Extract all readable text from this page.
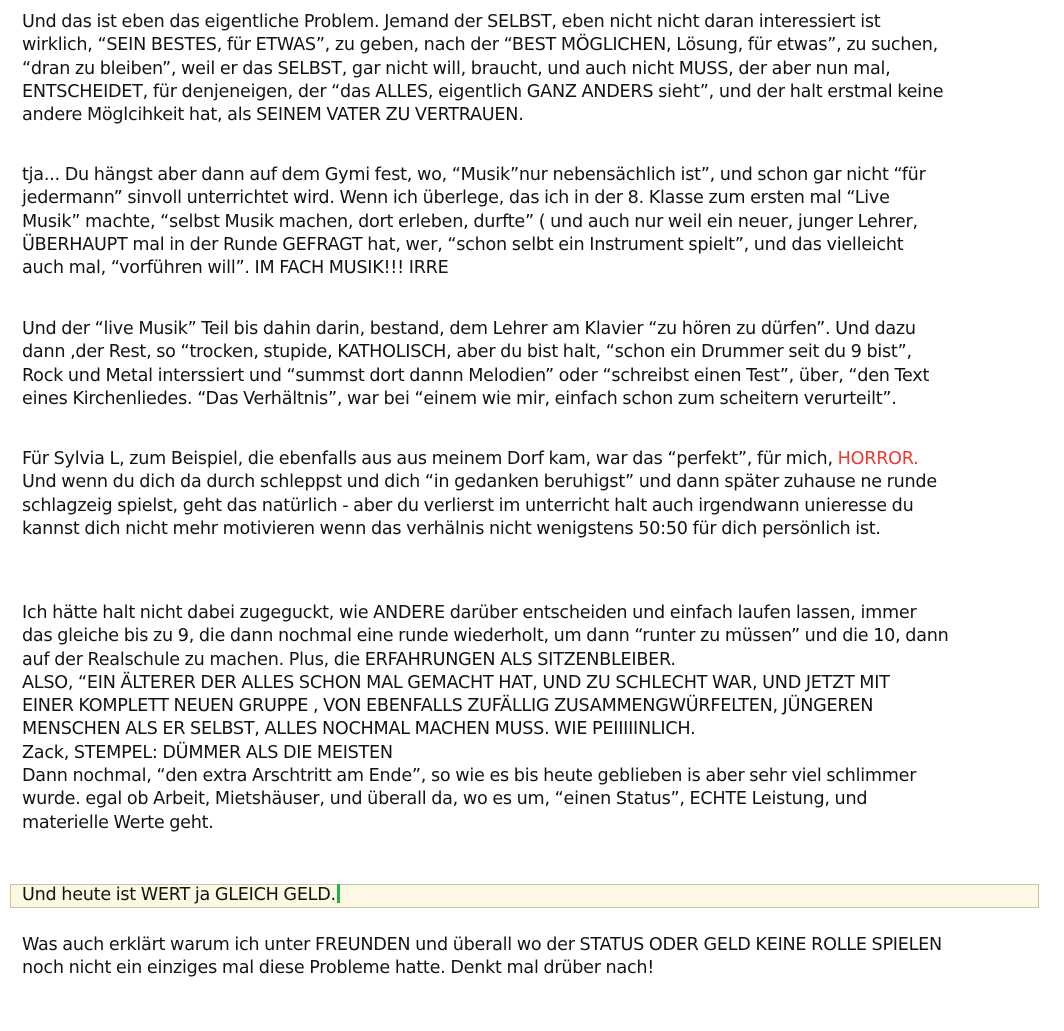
Und das ist eben das eigentliche Problem. Jemand der SELBST, eben nicht nicht daran interessiert ist
wirklich, “SEIN BESTES, für ETWAS”, zu geben, nach der “BEST MÖGLICHEN, Lösung, für etwas”, zu suchen,
“dran zu bleiben”, weil er das SELBST, gar nicht will, braucht, und auch nicht MUSS, der aber nun mal,
ENTSCHEIDET, für denjeneigen, der “das ALLES, eigentlich GANZ ANDERS sieht”, und der halt erstmal keine
andere Möglcihkeit hat, als SEINEM VATER ZU VERTRAUEN.
tja... Du hängst aber dann auf dem Gymi fest, wo, “Musik”nur nebensächlich ist”, und schon gar nicht “für
jedermann” sinvoll unterrichtet wird. Wenn ich überlege, das ich in der 8. Klasse zum ersten mal “Live
Musik” machte, “selbst Musik machen, dort erleben, durfte” ( und auch nur weil ein neuer, junger Lehrer,
ÜBERHAUPT mal in der Runde GEFRAGT hat, wer, “schon selbt ein Instrument spielt”, und das vielleicht
auch mal, “vorführen will”. IM FACH MUSIK!!! IRRE
Und der “live Musik” Teil bis dahin darin, bestand, dem Lehrer am Klavier “zu hören zu dürfen”. Und dazu
dann ,der Rest, so “trocken, stupide, KATHOLISCH, aber du bist halt, “schon ein Drummer seit du 9 bist”,
Rock und Metal interssiert und “summst dort dannn Melodien” oder “schreibst einen Test”, über, “den Text
eines Kirchenliedes. “Das Verhältnis”, war bei “einem wie mir, einfach schon zum scheitern verurteilt”.
Für Sylvia L, zum Beispiel, die ebenfalls aus aus meinem Dorf kam, war das “perfekt”, für mich, HORROR.
Und wenn du dich da durch schleppst und dich “in gedanken beruhigst” und dann später zuhause ne runde
schlagzeig spielst, geht das natürlich - aber du verlierst im unterricht halt auch irgendwann unieresse du
kannst dich nicht mehr motivieren wenn das verhälnis nicht wenigstens 50:50 für dich persönlich ist.
Ich hätte halt nicht dabei zugeguckt, wie ANDERE darüber entscheiden und einfach laufen lassen, immer
das gleiche bis zu 9, die dann nochmal eine runde wiederholt, um dann “runter zu müssen” und die 10, dann
auf der Realschule zu machen. Plus, die ERFAHRUNGEN ALS SITZENBLEIBER.
ALSO, “EIN ÄLTERER DER ALLES SCHON MAL GEMACHT HAT, UND ZU SCHLECHT WAR, UND JETZT MIT
EINER KOMPLETT NEUEN GRUPPE , VON EBENFALLS ZUFÄLLIG ZUSAMMENGWÜRFELTEN, JÜNGEREN
MENSCHEN ALS ER SELBST, ALLES NOCHMAL MACHEN MUSS. WIE PEIIIIINLICH.
Zack, STEMPEL: DÜMMER ALS DIE MEISTEN
Dann nochmal, “den extra Arschtritt am Ende”, so wie es bis heute geblieben is aber sehr viel schlimmer
wurde. egal ob Arbeit, Mietshäuser, und überall da, wo es um, “einen Status”, ECHTE Leistung, und
materielle Werte geht.
Und heute ist WERT ja GLEICH GELD.
Was auch erklärt warum ich unter FREUNDEN und überall wo der STATUS ODER GELD KEINE ROLLE SPIELEN
noch nicht ein einziges mal diese Probleme hatte. Denkt mal drüber nach!
